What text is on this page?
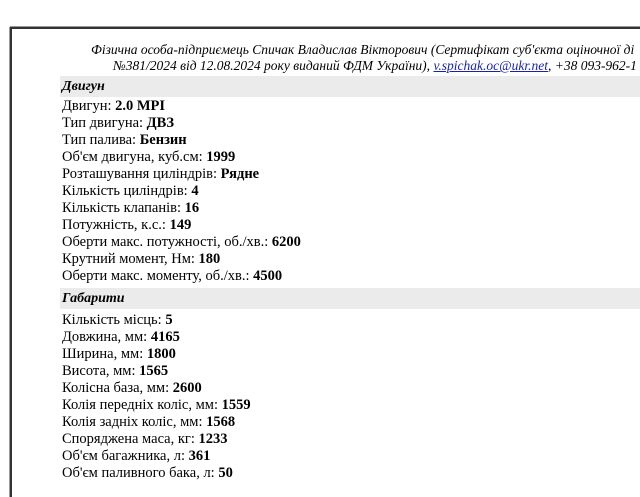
Фізична особа-підприємець Спичак Владислав Вікторович (Сертифікат суб'єкта оціночної ді
№381/2024 від 12.08.2024 року виданий ФДМ України), v.spichak.oc@ukr.net, +38 093-962-1
Двигун
Двигун: 2.0 MPI
Тип двигуна: ДВЗ
Тип палива: Бензин
Об'єм двигуна, куб.см: 1999
Розташування циліндрів: Рядне
Кількість циліндрів: 4
Кількість клапанів: 16
Потужність, к.с.: 149
Оберти макс. потужності, об./хв.: 6200
Крутний момент, Нм: 180
Оберти макс. моменту, об./хв.: 4500
Габарити
Кількість місць: 5
Довжина, мм: 4165
Ширина, мм: 1800
Висота, мм: 1565
Колісна база, мм: 2600
Колія передніх коліс, мм: 1559
Колія задніх коліс, мм: 1568
Споряджена маса, кг: 1233
Об'єм багажника, л: 361
Об'єм паливного бака, л: 50
